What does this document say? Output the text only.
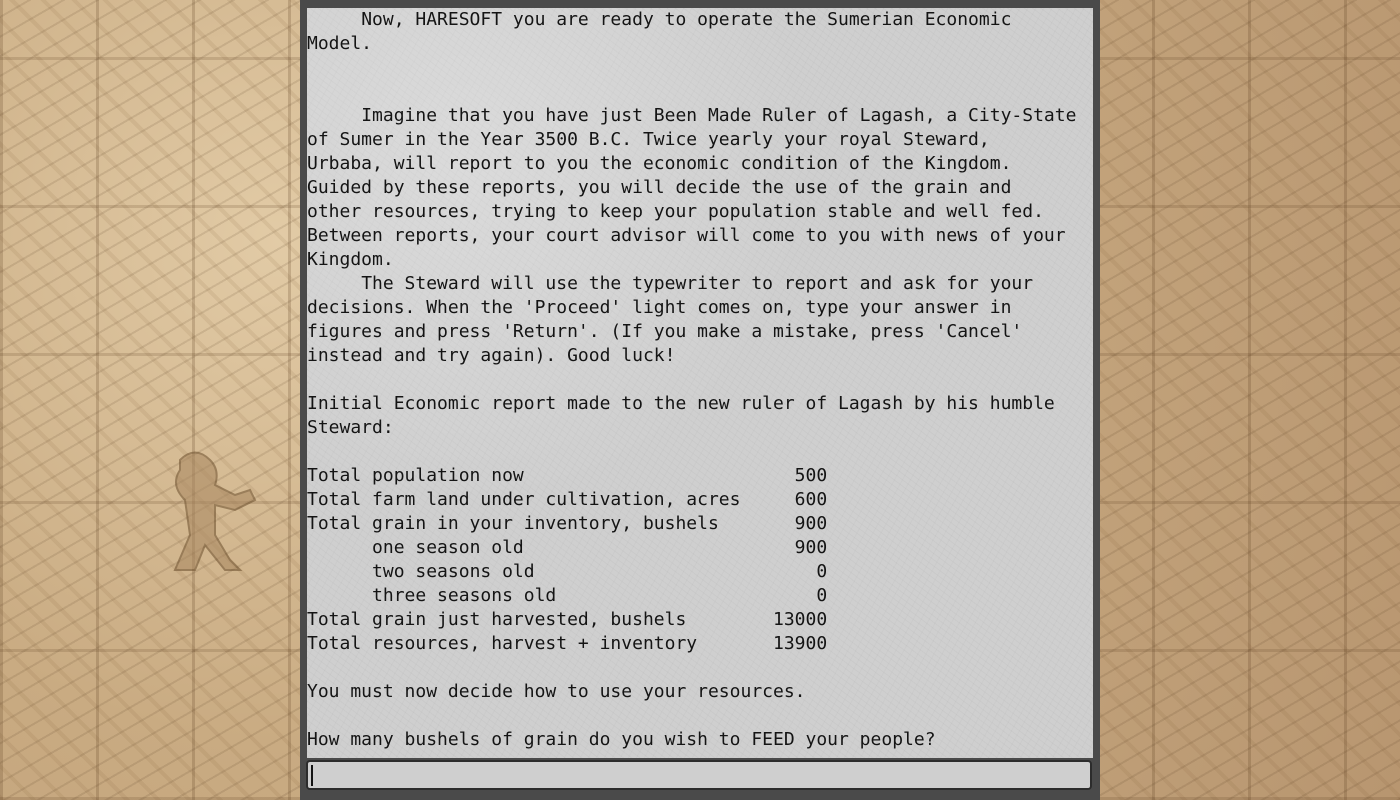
Now, HARESOFT you are ready to operate the Sumerian Economic
Model.

Imagine that you have just Been Made Ruler of Lagash, a City-State
of Sumer in the Year 3500 B.C. Twice yearly your royal Steward,
Urbaba, will report to you the economic condition of the Kingdom.
Guided by these reports, you will decide the use of the grain and
other resources, trying to keep your population stable and well fed.
Between reports, your court advisor will come to you with news of your
Kingdom.
The Steward will use the typewriter to report and ask for your
decisions. When the 'Proceed' light comes on, type your answer in
figures and press 'Return'. (If you make a mistake, press 'Cancel'
instead and try again). Good luck!

Initial Economic report made to the new ruler of Lagash by his humble
Steward:

Total population now                         500
Total farm land under cultivation, acres     600
Total grain in your inventory, bushels       900
one season old                         900
two seasons old                          0
three seasons old                        0
Total grain just harvested, bushels        13000
Total resources, harvest + inventory       13900

You must now decide how to use your resources.

How many bushels of grain do you wish to FEED your people?
